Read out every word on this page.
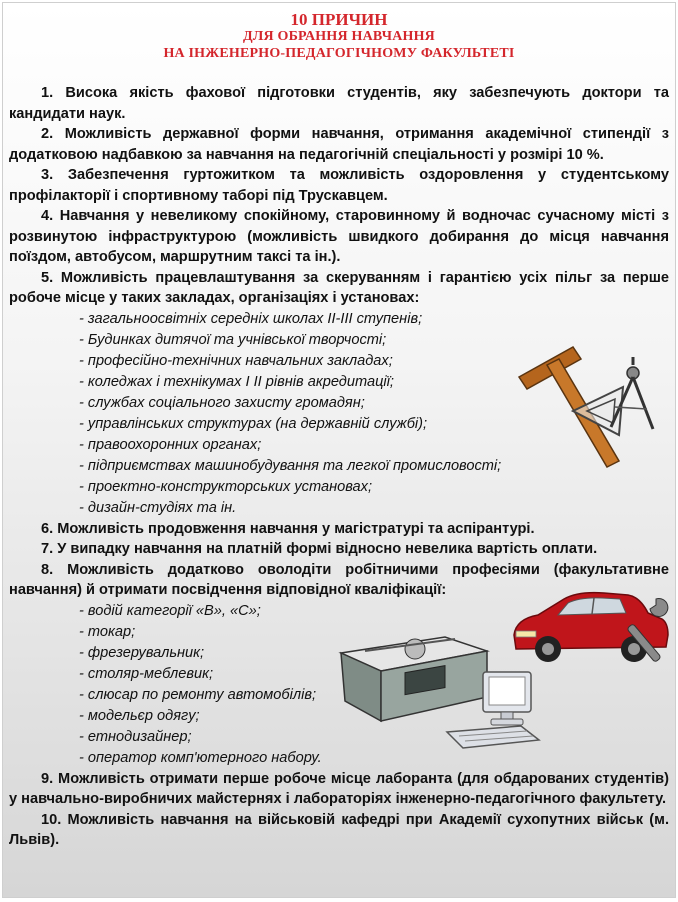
10 ПРИЧИН
ДЛЯ ОБРАННЯ НАВЧАННЯ
НА ІНЖЕНЕРНО-ПЕДАГОГІЧНОМУ ФАКУЛЬТЕТІ

1. Висока якість фахової підготовки студентів, яку забезпечують доктори та кандидати наук.

2. Можливість державної форми навчання, отримання академічної стипендії з додатковою надбавкою за навчання на педагогічній спеціальності у розмірі 10 %.

3. Забезпечення гуртожитком та можливість оздоровлення у студентському профілакторії і спортивному таборі під Трускавцем.

4. Навчання у невеликому спокійному, старовинному й водночас сучасному місті з розвинутою інфраструктурою (можливість швидкого добирання до місця навчання поїздом, автобусом, маршрутним таксі та ін.).

5. Можливість працевлаштування за скеруванням і гарантією усіх пільг за перше робоче місце у таких закладах, організаціях і установах:

- загальноосвітніх середніх школах ІІ-ІІІ ступенів;
- Будинках дитячої та учнівської творчості;
- професійно-технічних навчальних закладах;
- коледжах і технікумах І ІІ рівнів акредитації;
- службах соціального захисту громадян;
- управлінських структурах (на державній службі);
- правоохоронних органах;
- підприємствах машинобудування та легкої промисловості;
- проектно-конструкторських установах;
- дизайн-студіях та ін.

6. Можливість продовження навчання у магістратурі та аспірантурі.

7. У випадку навчання на платній формі відносно невелика вартість оплати.

8. Можливість додатково оволодіти робітничими професіями (факультативне навчання) й отримати посвідчення відповідної кваліфікації:

- водій категорії «В», «С»;
- токар;
- фрезерувальник;
- столяр-меблевик;
- слюсар по ремонту автомобілів;
- модельєр одягу;
- етнодизайнер;
- оператор комп'ютерного набору.

9. Можливість отримати перше робоче місце лаборанта (для обдарованих студентів) у навчально-виробничих майстернях і лабораторіях інженерно-педагогічного факультету.

10. Можливість навчання на військовій кафедрі при Академії сухопутних військ (м. Львів).
